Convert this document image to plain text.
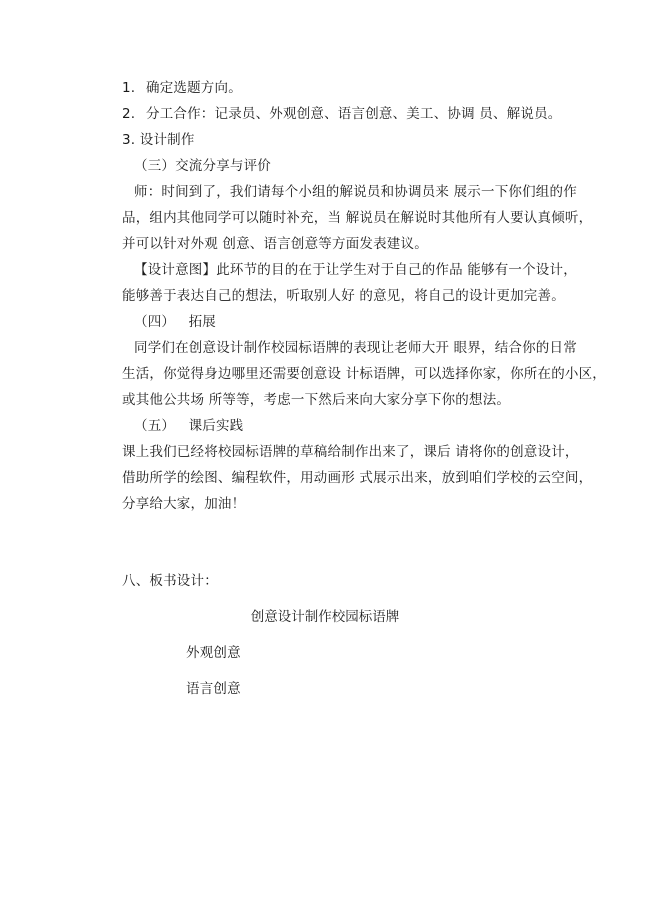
1. 确定选题方向。
2. 分工合作：记录员、外观创意、语言创意、美工、协调 员、解说员。
3. 设计制作
（三）交流分享与评价
师：时间到了，我们请每个小组的解说员和协调员来 展示一下你们组的作
品，组内其他同学可以随时补充，当 解说员在解说时其他所有人要认真倾听，
并可以针对外观 创意、语言创意等方面发表建议。
【设计意图】此环节的目的在于让学生对于自己的作品 能够有一个设计，
能够善于表达自己的想法，听取别人好 的意见，将自己的设计更加完善。
（四）   拓展
同学们在创意设计制作校园标语牌的表现让老师大开 眼界，结合你的日常
生活，你觉得身边哪里还需要创意设 计标语牌，可以选择你家，你所在的小区，
或其他公共场 所等等，考虑一下然后来向大家分享下你的想法。
（五）   课后实践
课上我们已经将校园标语牌的草稿给制作出来了，课后 请将你的创意设计，
借助所学的绘图、编程软件，用动画形 式展示出来，放到咱们学校的云空间，
分享给大家，加油！
八、板书设计：
创意设计制作校园标语牌
外观创意
语言创意
